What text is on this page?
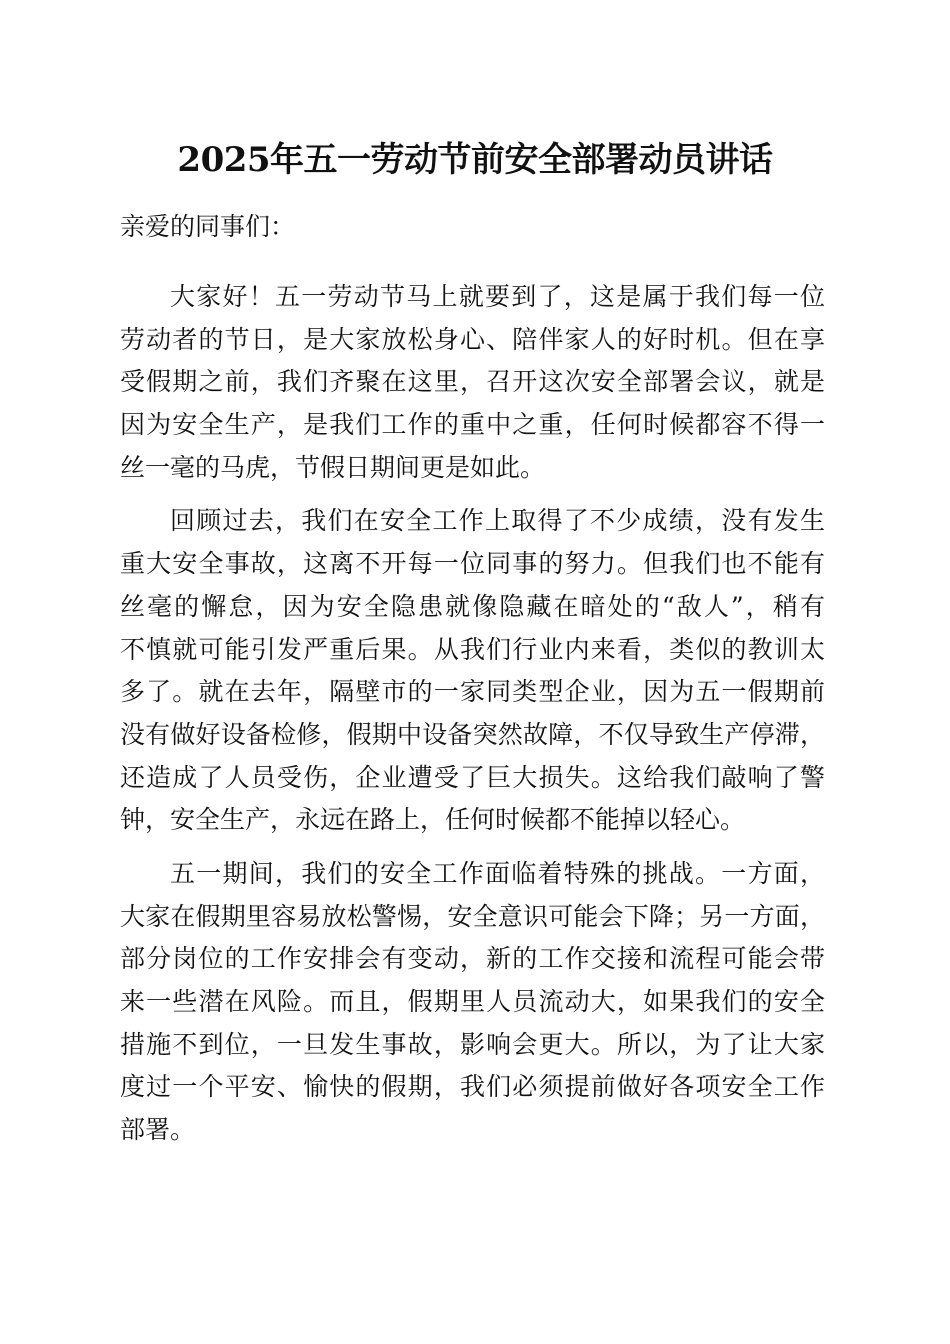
2025年五一劳动节前安全部署动员讲话
亲爱的同事们：
大家好！五一劳动节马上就要到了，这是属于我们每一位
劳动者的节日，是大家放松身心、陪伴家人的好时机。但在享
受假期之前，我们齐聚在这里，召开这次安全部署会议，就是
因为安全生产，是我们工作的重中之重，任何时候都容不得一
丝一毫的马虎，节假日期间更是如此。
回顾过去，我们在安全工作上取得了不少成绩，没有发生
重大安全事故，这离不开每一位同事的努力。但我们也不能有
丝毫的懈怠，因为安全隐患就像隐藏在暗处的“敌人”，稍有
不慎就可能引发严重后果。从我们行业内来看，类似的教训太
多了。就在去年，隔壁市的一家同类型企业，因为五一假期前
没有做好设备检修，假期中设备突然故障，不仅导致生产停滞，
还造成了人员受伤，企业遭受了巨大损失。这给我们敲响了警
钟，安全生产，永远在路上，任何时候都不能掉以轻心。
五一期间，我们的安全工作面临着特殊的挑战。一方面，
大家在假期里容易放松警惕，安全意识可能会下降；另一方面，
部分岗位的工作安排会有变动，新的工作交接和流程可能会带
来一些潜在风险。而且，假期里人员流动大，如果我们的安全
措施不到位，一旦发生事故，影响会更大。所以，为了让大家
度过一个平安、愉快的假期，我们必须提前做好各项安全工作
部署。
